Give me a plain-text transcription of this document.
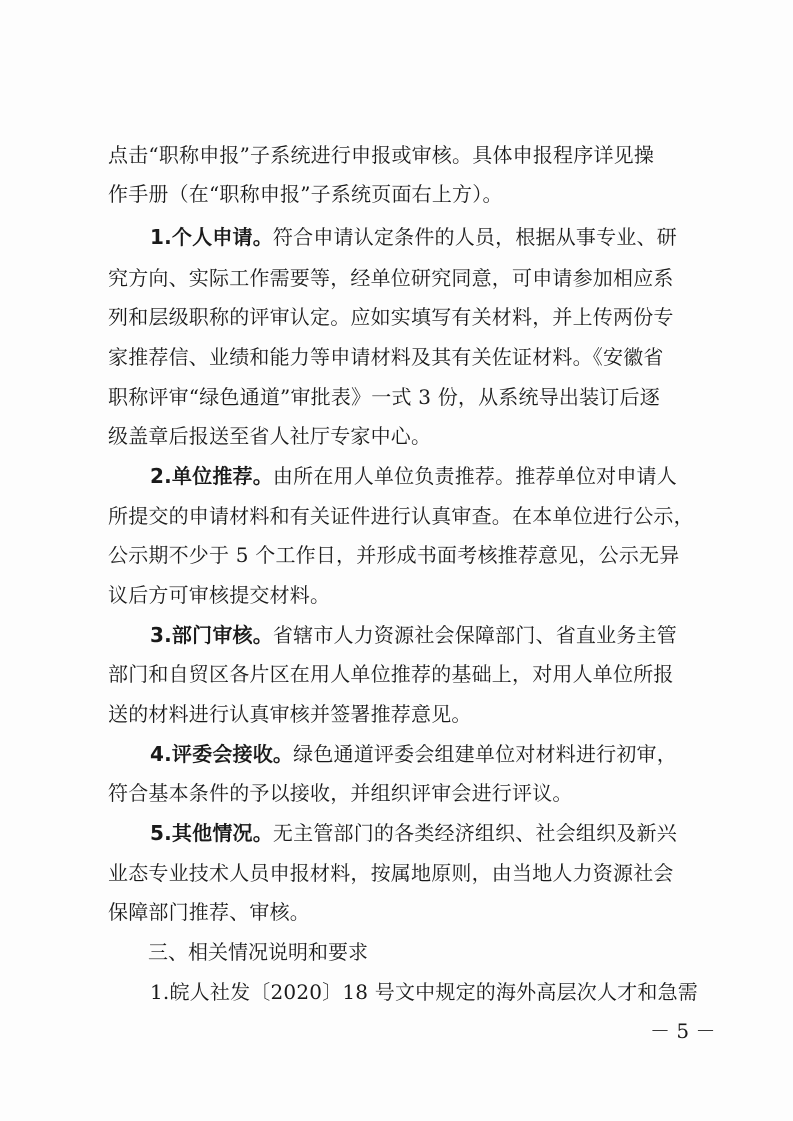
点击“职称申报”子系统进行申报或审核。具体申报程序详见操
作手册（在“职称申报”子系统页面右上方）。
1.个人申请。符合申请认定条件的人员，根据从事专业、研
究方向、实际工作需要等，经单位研究同意，可申请参加相应系
列和层级职称的评审认定。应如实填写有关材料，并上传两份专
家推荐信、业绩和能力等申请材料及其有关佐证材料。《安徽省
职称评审“绿色通道”审批表》一式 3 份，从系统导出装订后逐
级盖章后报送至省人社厅专家中心。
2.单位推荐。由所在用人单位负责推荐。推荐单位对申请人
所提交的申请材料和有关证件进行认真审查。在本单位进行公示，
公示期不少于 5 个工作日，并形成书面考核推荐意见，公示无异
议后方可审核提交材料。
3.部门审核。省辖市人力资源社会保障部门、省直业务主管
部门和自贸区各片区在用人单位推荐的基础上，对用人单位所报
送的材料进行认真审核并签署推荐意见。
4.评委会接收。绿色通道评委会组建单位对材料进行初审，
符合基本条件的予以接收，并组织评审会进行评议。
5.其他情况。无主管部门的各类经济组织、社会组织及新兴
业态专业技术人员申报材料，按属地原则，由当地人力资源社会
保障部门推荐、审核。
三、相关情况说明和要求
1.皖人社发〔2020〕18 号文中规定的海外高层次人才和急需
－ 5 －
